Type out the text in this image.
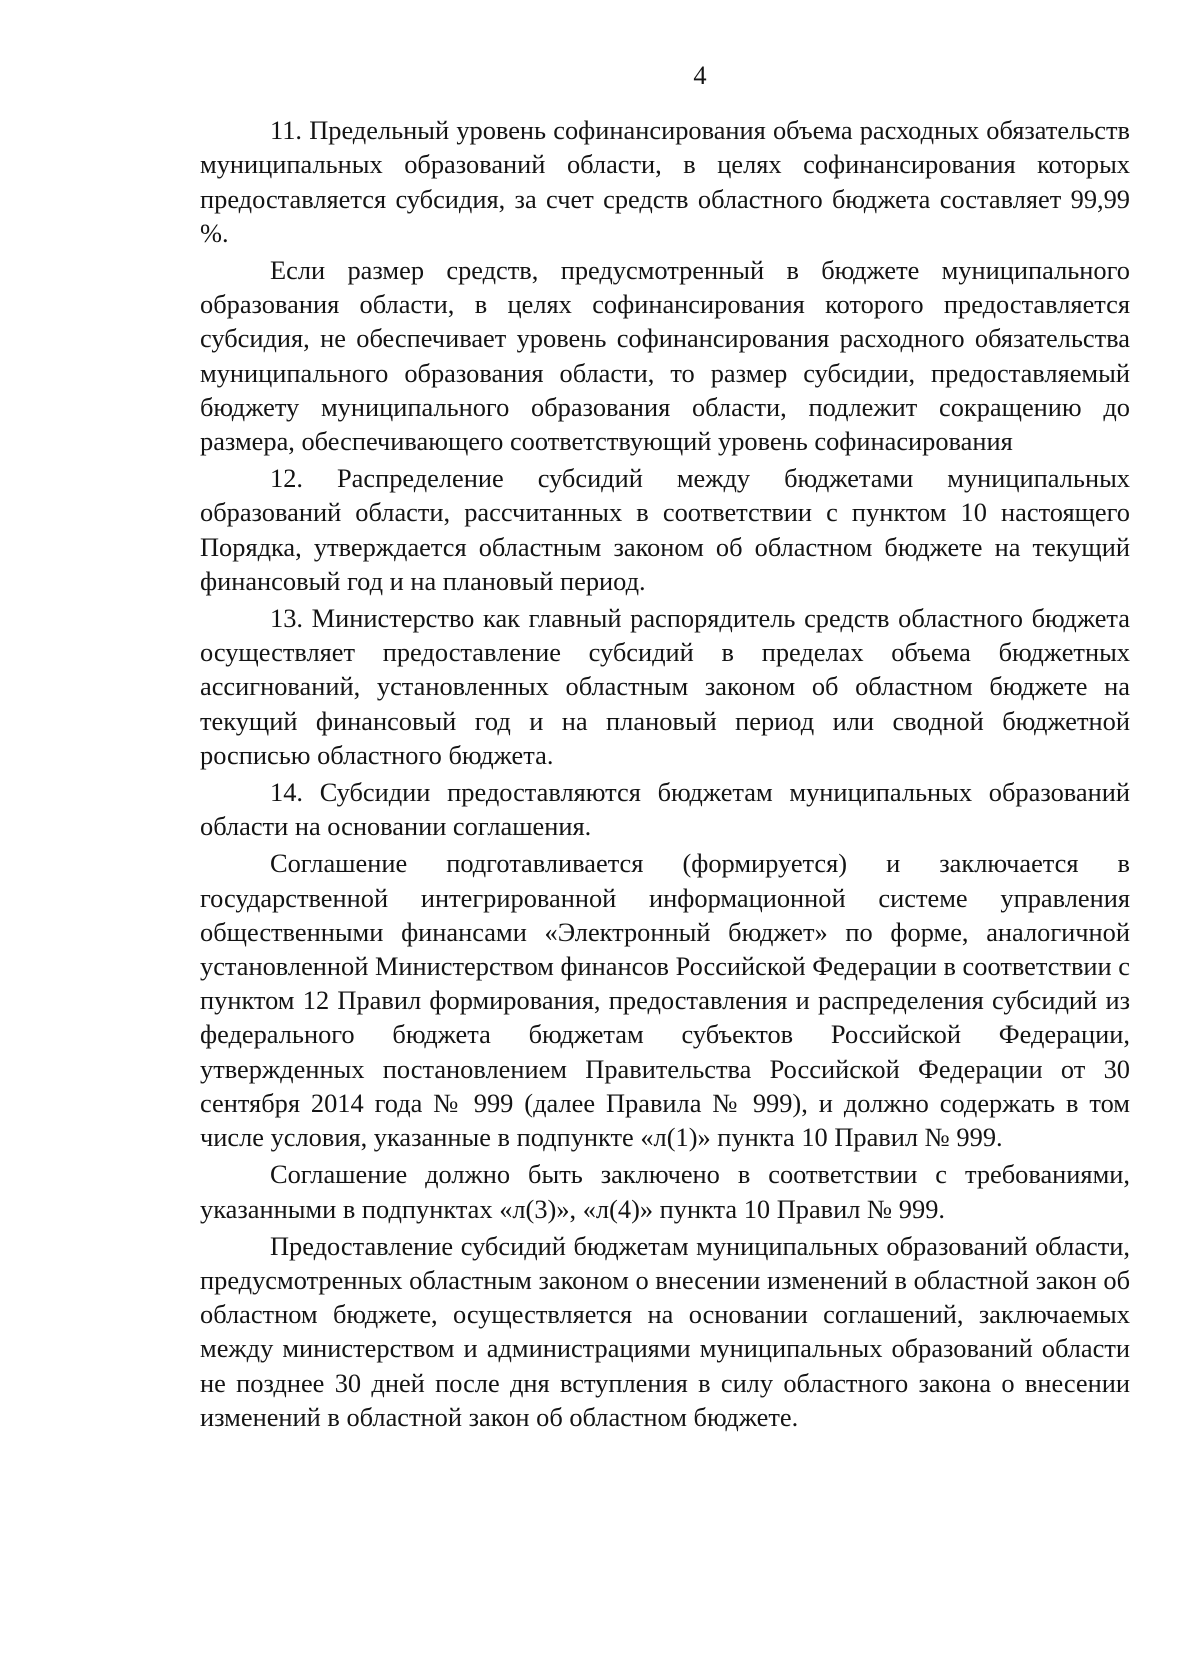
4

11. Предельный уровень софинансирования объема расходных обязательств муниципальных образований области, в целях софинансирования которых предоставляется субсидия, за счет средств областного бюджета составляет 99,99 %.

Если размер средств, предусмотренный в бюджете муниципального образования области, в целях софинансирования которого предоставляется субсидия, не обеспечивает уровень софинансирования расходного обязательства муниципального образования области, то размер субсидии, предоставляемый бюджету муниципального образования области, подлежит сокращению до размера, обеспечивающего соответствующий уровень софинасирования

12. Распределение субсидий между бюджетами муниципальных образований области, рассчитанных в соответствии с пунктом 10 настоящего Порядка, утверждается областным законом об областном бюджете на текущий финансовый год и на плановый период.

13. Министерство как главный распорядитель средств областного бюджета осуществляет предоставление субсидий в пределах объема бюджетных ассигнований, установленных областным законом об областном бюджете на текущий финансовый год и на плановый период или сводной бюджетной росписью областного бюджета.

14. Субсидии предоставляются бюджетам муниципальных образований области на основании соглашения.

Соглашение подготавливается (формируется) и заключается в государственной интегрированной информационной системе управления общественными финансами «Электронный бюджет» по форме, аналогичной установленной Министерством финансов Российской Федерации в соответствии с пунктом 12 Правил формирования, предоставления и распределения субсидий из федерального бюджета бюджетам субъектов Российской Федерации, утвержденных постановлением Правительства Российской Федерации от 30 сентября 2014 года № 999 (далее Правила № 999), и должно содержать в том числе условия, указанные в подпункте «л(1)» пункта 10 Правил № 999.

Соглашение должно быть заключено в соответствии с требованиями, указанными в подпунктах «л(3)», «л(4)» пункта 10 Правил № 999.

Предоставление субсидий бюджетам муниципальных образований области, предусмотренных областным законом о внесении изменений в областной закон об областном бюджете, осуществляется на основании соглашений, заключаемых между министерством и администрациями муниципальных образований области не позднее 30 дней после дня вступления в силу областного закона о внесении изменений в областной закон об областном бюджете.
